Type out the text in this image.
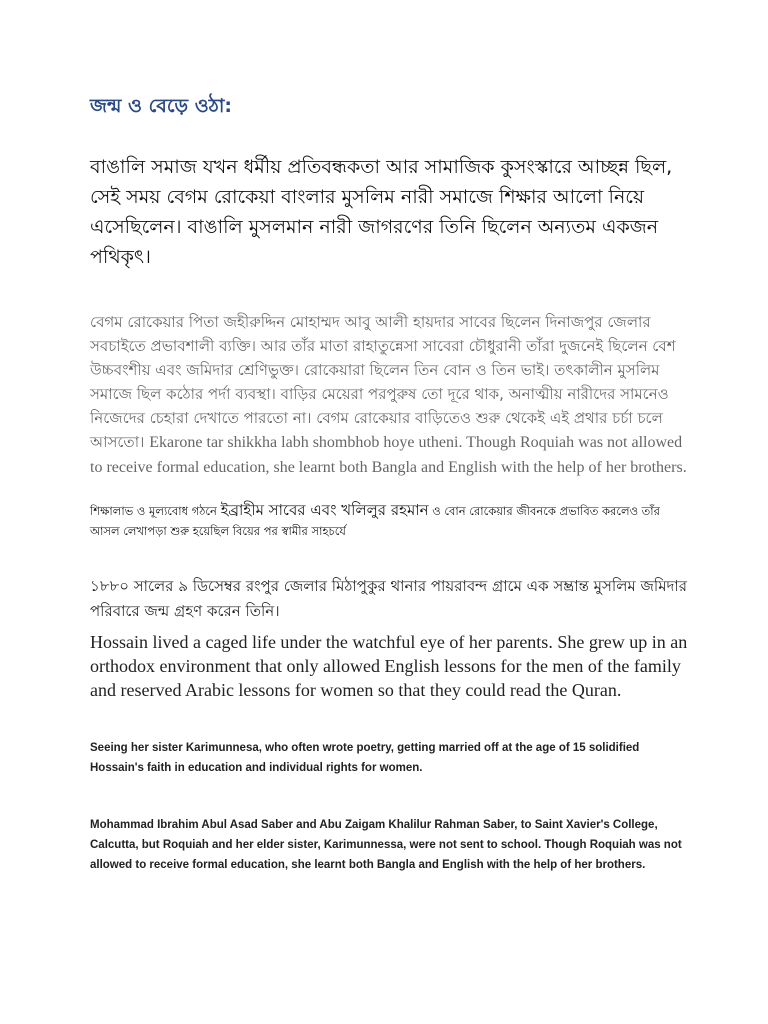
জন্ম ও বেড়ে ওঠা:
বাঙালি সমাজ যখন ধর্মীয় প্রতিবন্ধকতা আর সামাজিক কুসংস্কারে আচ্ছন্ন ছিল, সেই সময় বেগম রোকেয়া বাংলার মুসলিম নারী সমাজে শিক্ষার আলো নিয়ে এসেছিলেন। বাঙালি মুসলমান নারী জাগরণের তিনি ছিলেন অন্যতম একজন পথিকৃৎ।
বেগম রোকেয়ার পিতা জহীরুদ্দিন মোহাম্মদ আবু আলী হায়দার সাবের ছিলেন দিনাজপুর জেলার সবচাইতে প্রভাবশালী ব্যক্তি। আর তাঁর মাতা রাহাতুন্নেসা সাবেরা চৌধুরানী তাঁরা দুজনেই ছিলেন বেশ উচ্চবংশীয় এবং জমিদার শ্রেণিভুক্ত। রোকেয়ারা ছিলেন তিন বোন ও তিন ভাই। তৎকালীন মুসলিম সমাজে ছিল কঠোর পর্দা ব্যবস্থা। বাড়ির মেয়েরা পরপুরুষ তো দূরে থাক, অনাত্মীয় নারীদের সামনেও নিজেদের চেহারা দেখাতে পারতো না। বেগম রোকেয়ার বাড়িতেও শুরু থেকেই এই প্রথার চর্চা চলে আসতো। Ekarone tar shikkha labh shombhob hoye utheni. Though Roquiah was not allowed to receive formal education, she learnt both Bangla and English with the help of her brothers.
শিক্ষালাভ ও মূল্যবোধ গঠনে ইব্রাহীম সাবের এবং খলিলুর রহমান ও বোন রোকেয়ার জীবনকে প্রভাবিত করলেও তাঁর আসল লেখাপড়া শুরু হয়েছিল বিয়ের পর স্বামীর সাহচর্যে
১৮৮০ সালের ৯ ডিসেম্বর রংপুর জেলার মিঠাপুকুর থানার পায়রাবন্দ গ্রামে এক সম্ভ্রান্ত মুসলিম জমিদার পরিবারে জন্ম গ্রহণ করেন তিনি।
Hossain lived a caged life under the watchful eye of her parents. She grew up in an orthodox environment that only allowed English lessons for the men of the family and reserved Arabic lessons for women so that they could read the Quran.
Seeing her sister Karimunnesa, who often wrote poetry, getting married off at the age of 15 solidified Hossain's faith in education and individual rights for women.
Mohammad Ibrahim Abul Asad Saber and Abu Zaigam Khalilur Rahman Saber, to Saint Xavier's College, Calcutta, but Roquiah and her elder sister, Karimunnessa, were not sent to school. Though Roquiah was not allowed to receive formal education, she learnt both Bangla and English with the help of her brothers.
